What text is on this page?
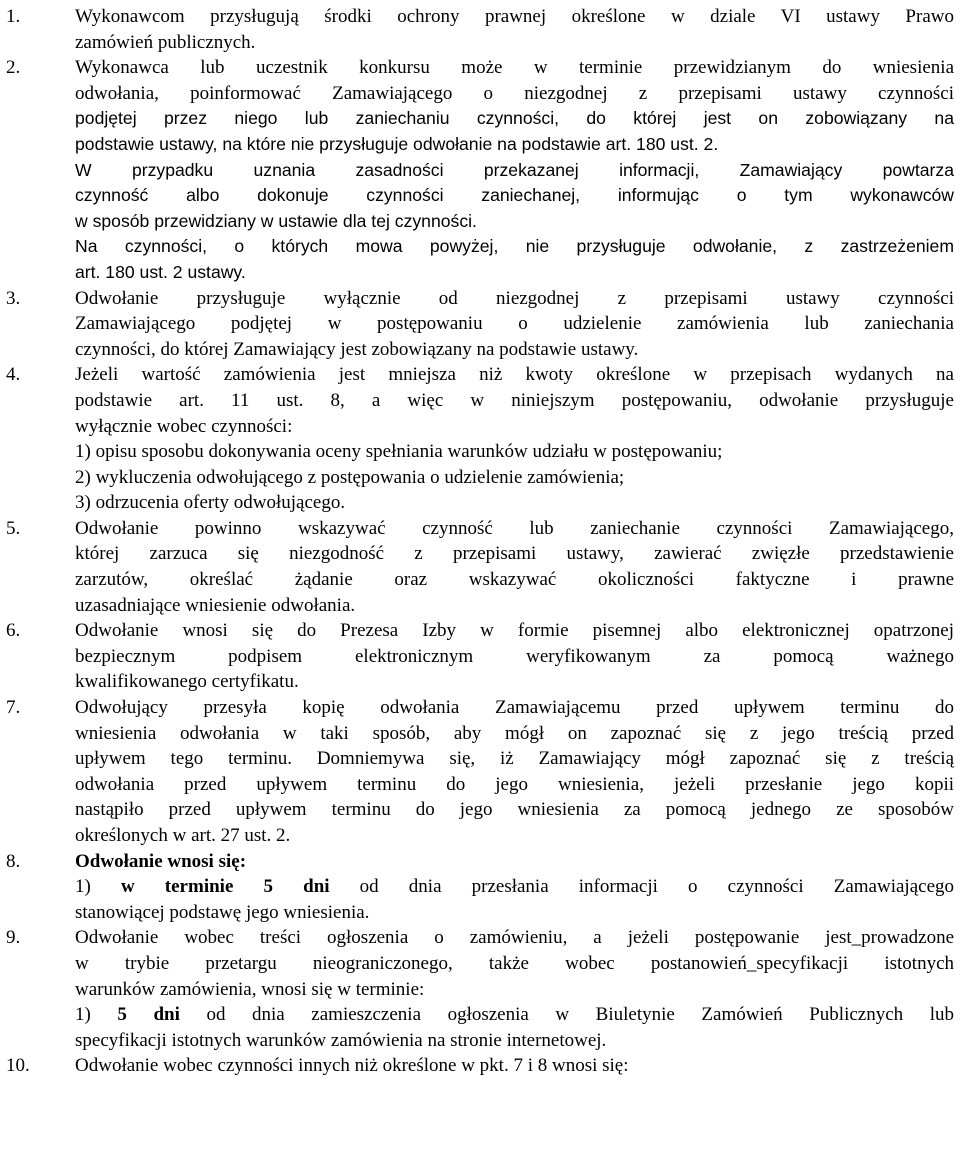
1.	Wykonawcom przysługują środki ochrony prawnej określone w dziale VI ustawy Prawo
zamówień publicznych.
2.	Wykonawca lub uczestnik konkursu może w terminie przewidzianym do wniesienia
odwołania, poinformować Zamawiającego o niezgodnej z przepisami ustawy czynności
podjętej przez niego lub zaniechaniu czynności, do której jest on zobowiązany na
podstawie ustawy, na które nie przysługuje odwołanie na podstawie art. 180 ust. 2.
W przypadku uznania zasadności przekazanej informacji, Zamawiający powtarza
czynność albo dokonuje czynności zaniechanej, informując o tym wykonawców
w sposób przewidziany w ustawie dla tej czynności.
Na czynności, o których mowa powyżej, nie przysługuje odwołanie, z zastrzeżeniem
art. 180 ust. 2 ustawy.
3.	Odwołanie przysługuje wyłącznie od niezgodnej z przepisami ustawy czynności
Zamawiającego podjętej w postępowaniu o udzielenie zamówienia lub zaniechania
czynności, do której Zamawiający jest zobowiązany na podstawie ustawy.
4.	Jeżeli wartość zamówienia jest mniejsza niż kwoty określone w przepisach wydanych na
podstawie art. 11 ust. 8, a więc w niniejszym postępowaniu, odwołanie przysługuje
wyłącznie wobec czynności:
1) opisu sposobu dokonywania oceny spełniania warunków udziału w postępowaniu;
2) wykluczenia odwołującego z postępowania o udzielenie zamówienia;
3) odrzucenia oferty odwołującego.
5.	Odwołanie powinno wskazywać czynność lub zaniechanie czynności Zamawiającego,
której zarzuca się niezgodność z przepisami ustawy, zawierać zwięzłe przedstawienie
zarzutów, określać żądanie oraz wskazywać okoliczności faktyczne i prawne
uzasadniające wniesienie odwołania.
6.	Odwołanie wnosi się do Prezesa Izby w formie pisemnej albo elektronicznej opatrzonej
bezpiecznym podpisem elektronicznym weryfikowanym za pomocą ważnego
kwalifikowanego certyfikatu.
7.	Odwołujący przesyła kopię odwołania Zamawiającemu przed upływem terminu do
wniesienia odwołania w taki sposób, aby mógł on zapoznać się z jego treścią przed
upływem tego terminu. Domniemywa się, iż Zamawiający mógł zapoznać się z treścią
odwołania przed upływem terminu do jego wniesienia, jeżeli przesłanie jego kopii
nastąpiło przed upływem terminu do jego wniesienia za pomocą jednego ze sposobów
określonych w art. 27 ust. 2.
8.	Odwołanie wnosi się:
1) w terminie 5 dni od dnia przesłania informacji o czynności Zamawiającego
stanowiącej podstawę jego wniesienia.
9.	Odwołanie wobec treści ogłoszenia o zamówieniu, a jeżeli postępowanie jest_prowadzone
w trybie przetargu nieograniczonego, także wobec postanowień_specyfikacji istotnych
warunków zamówienia, wnosi się w terminie:
1) 5 dni od dnia zamieszczenia ogłoszenia w Biuletynie Zamówień Publicznych lub
specyfikacji istotnych warunków zamówienia na stronie internetowej.
10. Odwołanie wobec czynności innych niż określone w pkt. 7 i 8 wnosi się:
